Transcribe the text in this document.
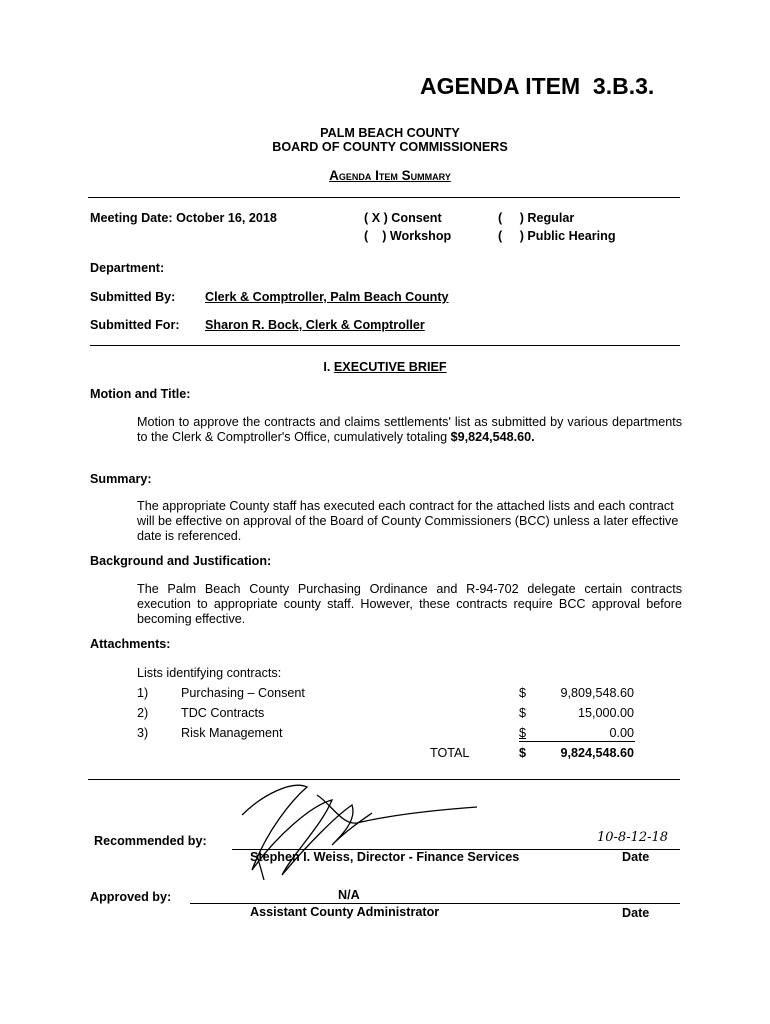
AGENDA ITEM  3.B.3.
PALM BEACH COUNTY
BOARD OF COUNTY COMMISSIONERS
Agenda Item Summary
Meeting Date: October 16, 2018	( X ) Consent
(    ) Workshop
(     ) Regular
(     ) Public Hearing
Department:
Submitted By: Clerk & Comptroller, Palm Beach County
Submitted For: Sharon R. Bock, Clerk & Comptroller
I. EXECUTIVE BRIEF
Motion and Title:
Motion to approve the contracts and claims settlements' list as submitted by various departments to the Clerk & Comptroller's Office, cumulatively totaling $9,824,548.60.
Summary:
The appropriate County staff has executed each contract for the attached lists and each contract will be effective on approval of the Board of County Commissioners (BCC) unless a later effective date is referenced.
Background and Justification:
The Palm Beach County Purchasing Ordinance and R-94-702 delegate certain contracts execution to appropriate county staff. However, these contracts require BCC approval before becoming effective.
Attachments:
Lists identifying contracts:
1)	Purchasing – Consent	$	9,809,548.60
2)	TDC Contracts	$	15,000.00
3)	Risk Management	$	0.00
TOTAL	$	9,824,548.60
Recommended by:	10-8-12-18
Stephen I. Weiss, Director - Finance Services	Date
Approved by:	N/A
Assistant County Administrator	Date
